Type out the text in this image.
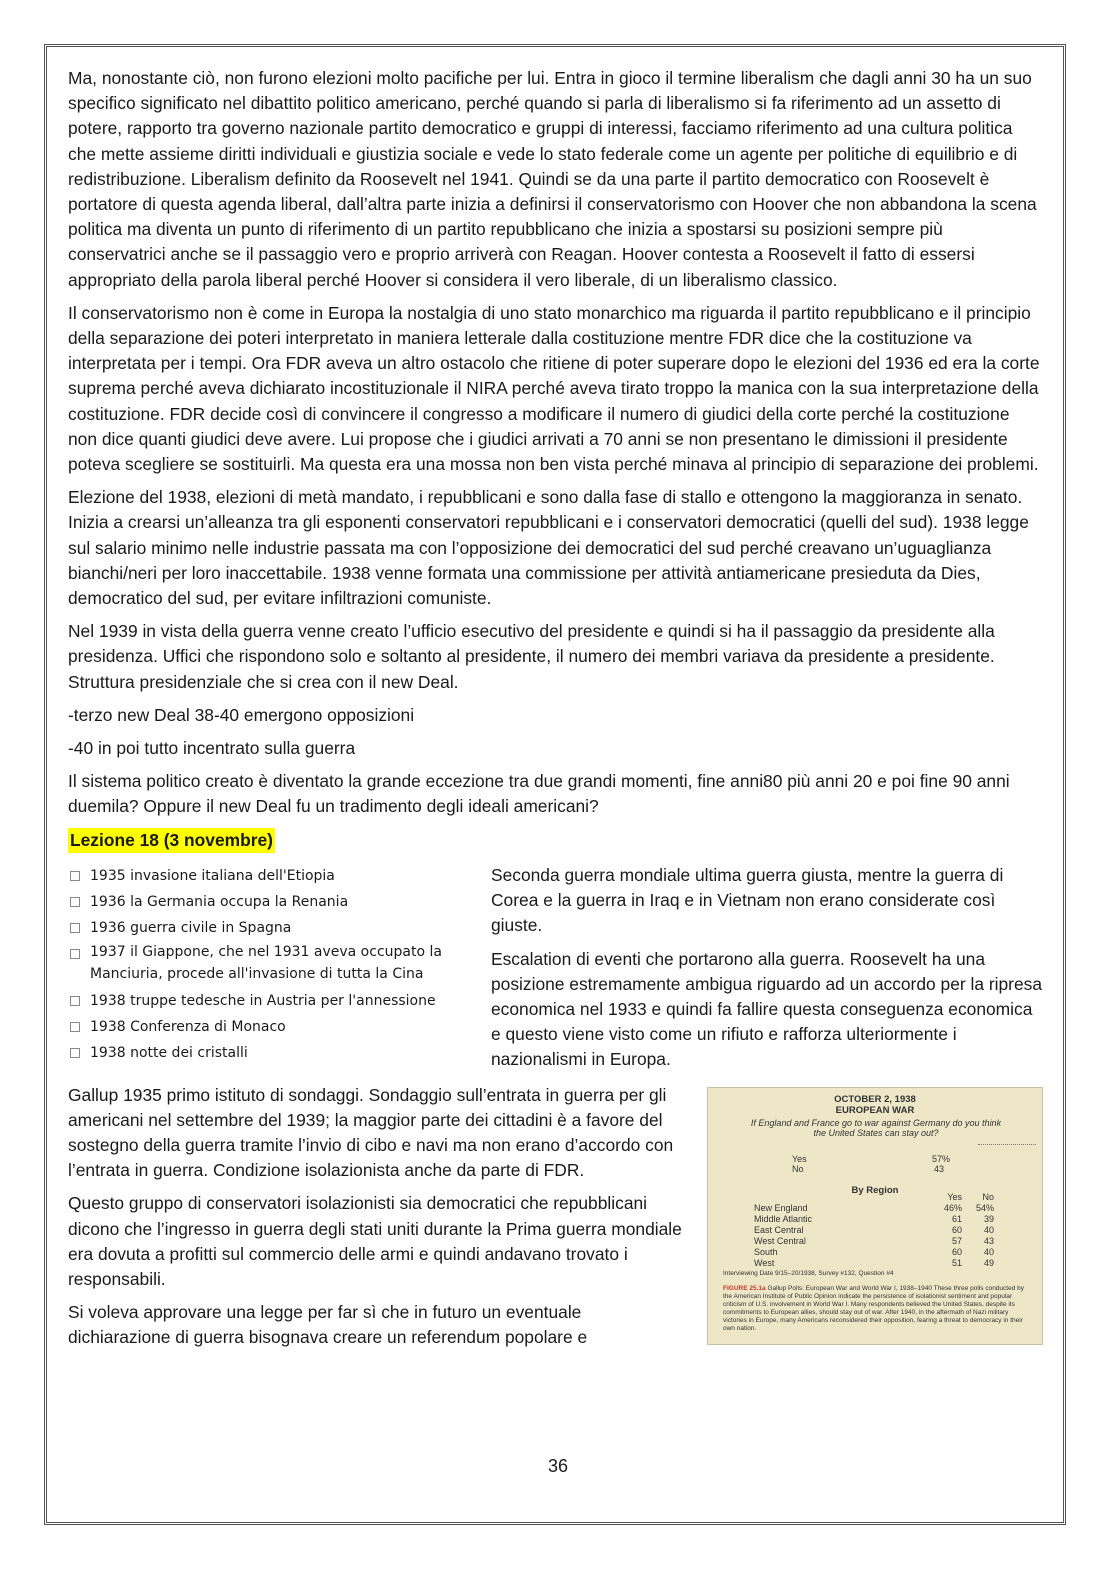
Ma, nonostante ciò, non furono elezioni molto pacifiche per lui. Entra in gioco il termine liberalism che dagli anni 30 ha un suo specifico significato nel dibattito politico americano, perché quando si parla di liberalismo si fa riferimento ad un assetto di potere, rapporto tra governo nazionale partito democratico e gruppi di interessi, facciamo riferimento ad una cultura politica che mette assieme diritti individuali e giustizia sociale e vede lo stato federale come un agente per politiche di equilibrio e di redistribuzione. Liberalism definito da Roosevelt nel 1941. Quindi se da una parte il partito democratico con Roosevelt è portatore di questa agenda liberal, dall’altra parte inizia a definirsi il conservatorismo con Hoover che non abbandona la scena politica ma diventa un punto di riferimento di un partito repubblicano che inizia a spostarsi su posizioni sempre più conservatrici anche se il passaggio vero e proprio arriverà con Reagan. Hoover contesta a Roosevelt il fatto di essersi appropriato della parola liberal perché Hoover si considera il vero liberale, di un liberalismo classico.

Il conservatorismo non è come in Europa la nostalgia di uno stato monarchico ma riguarda il partito repubblicano e il principio della separazione dei poteri interpretato in maniera letterale dalla costituzione mentre FDR dice che la costituzione va interpretata per i tempi. Ora FDR aveva un altro ostacolo che ritiene di poter superare dopo le elezioni del 1936 ed era la corte suprema perché aveva dichiarato incostituzionale il NIRA perché aveva tirato troppo la manica con la sua interpretazione della costituzione. FDR decide così di convincere il congresso a modificare il numero di giudici della corte perché la costituzione non dice quanti giudici deve avere. Lui propose che i giudici arrivati a 70 anni se non presentano le dimissioni il presidente poteva scegliere se sostituirli. Ma questa era una mossa non ben vista perché minava al principio di separazione dei problemi.

Elezione del 1938, elezioni di metà mandato, i repubblicani e sono dalla fase di stallo e ottengono la maggioranza in senato. Inizia a crearsi un’alleanza tra gli esponenti conservatori repubblicani e i conservatori democratici (quelli del sud). 1938 legge sul salario minimo nelle industrie passata ma con l’opposizione dei democratici del sud perché creavano un’uguaglianza bianchi/neri per loro inaccettabile. 1938 venne formata una commissione per attività antiamericane presieduta da Dies, democratico del sud, per evitare infiltrazioni comuniste.

Nel 1939 in vista della guerra venne creato l’ufficio esecutivo del presidente e quindi si ha il passaggio da presidente alla presidenza. Uffici che rispondono solo e soltanto al presidente, il numero dei membri variava da presidente a presidente. Struttura presidenziale che si crea con il new Deal.

-terzo new Deal 38-40 emergono opposizioni

-40 in poi tutto incentrato sulla guerra

Il sistema politico creato è diventato la grande eccezione tra due grandi momenti, fine anni80 più anni 20 e poi fine 90 anni duemila? Oppure il new Deal fu un tradimento degli ideali americani?

Lezione 18 (3 novembre)
1935 invasione italiana dell'Etiopia
1936 la Germania occupa la Renania
1936 guerra civile in Spagna
1937 il Giappone, che nel 1931 aveva occupato la Manciuria, procede all'invasione di tutta la Cina
1938 truppe tedesche in Austria per l'annessione
1938 Conferenza di Monaco
1938 notte dei cristalli

Seconda guerra mondiale ultima guerra giusta, mentre la guerra di Corea e la guerra in Iraq e in Vietnam non erano considerate così giuste.

Escalation di eventi che portarono alla guerra. Roosevelt ha una posizione estremamente ambigua riguardo ad un accordo per la ripresa economica nel 1933 e quindi fa fallire questa conseguenza economica e questo viene visto come un rifiuto e rafforza ulteriormente i nazionalismi in Europa.

Gallup 1935 primo istituto di sondaggi. Sondaggio sull’entrata in guerra per gli americani nel settembre del 1939; la maggior parte dei cittadini è a favore del sostegno della guerra tramite l’invio di cibo e navi ma non erano d’accordo con l’entrata in guerra. Condizione isolazionista anche da parte di FDR.

Questo gruppo di conservatori isolazionisti sia democratici che repubblicani dicono che l’ingresso in guerra degli stati uniti durante la Prima guerra mondiale era dovuta a profitti sul commercio delle armi e quindi andavano trovato i responsabili.

Si voleva approvare una legge per far sì che in futuro un eventuale dichiarazione di guerra bisognava creare un referendum popolare e

OCTOBER 2, 1938
EUROPEAN WAR
If England and France go to war against Germany do you think the United States can stay out?
Yes	57%
No	43
By Region
	Yes	No
New England	46%	54%
Middle Atlantic	61	39
East Central	60	40
West Central	57	43
South	60	40
West	51	49
Interviewing Date 9/15–20/1938, Survey #132, Question #4
FIGURE 25.1a Gallup Polls: European War and World War I, 1938–1940 These three polls conducted by the American Institute of Public Opinion indicate the persistence of isolationist sentiment and popular criticism of U.S. involvement in World War I. Many respondents believed the United States, despite its commitments to European allies, should stay out of war. After 1940, in the aftermath of Nazi military victories in Europe, many Americans reconsidered their opposition, fearing a threat to democracy in their own nation.
36
